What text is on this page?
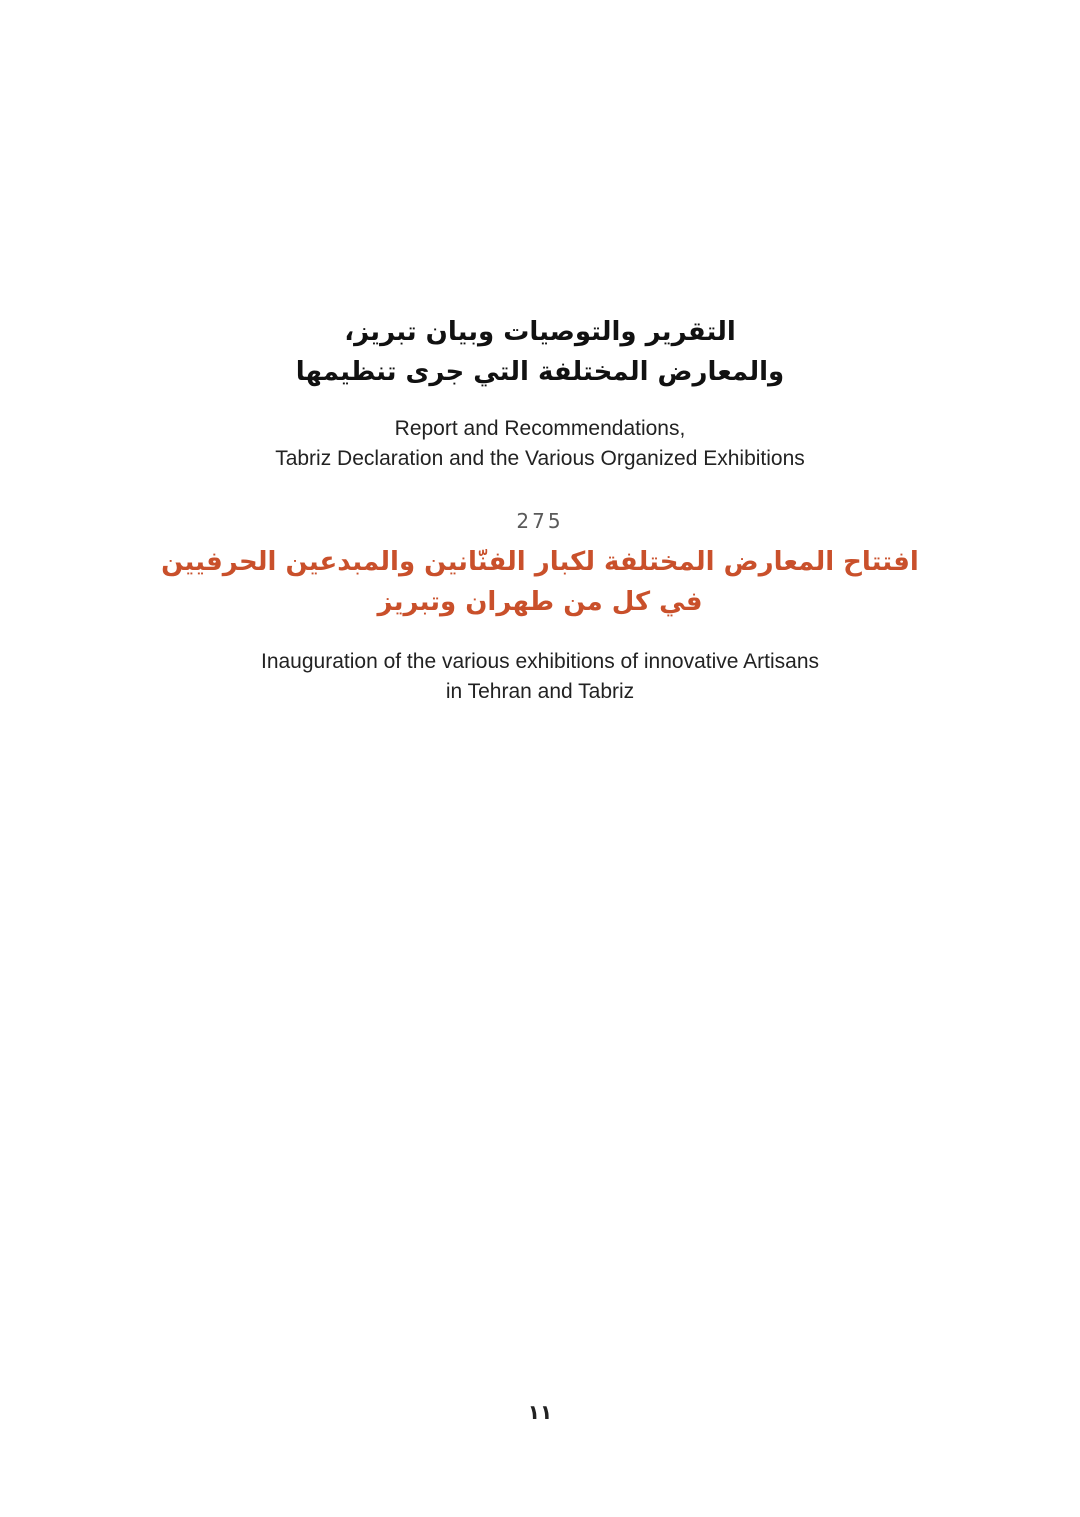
التقرير والتوصيات وبيان تبريز،
والمعارض المختلفة التي جرى تنظيمها
Report and Recommendations,
Tabriz Declaration and the Various Organized Exhibitions
275
افتتاح المعارض المختلفة لكبار الفنّانين والمبدعين الحرفيين
في كل من طهران وتبريز
Inauguration of the various exhibitions of innovative Artisans
in Tehran and Tabriz
١١
